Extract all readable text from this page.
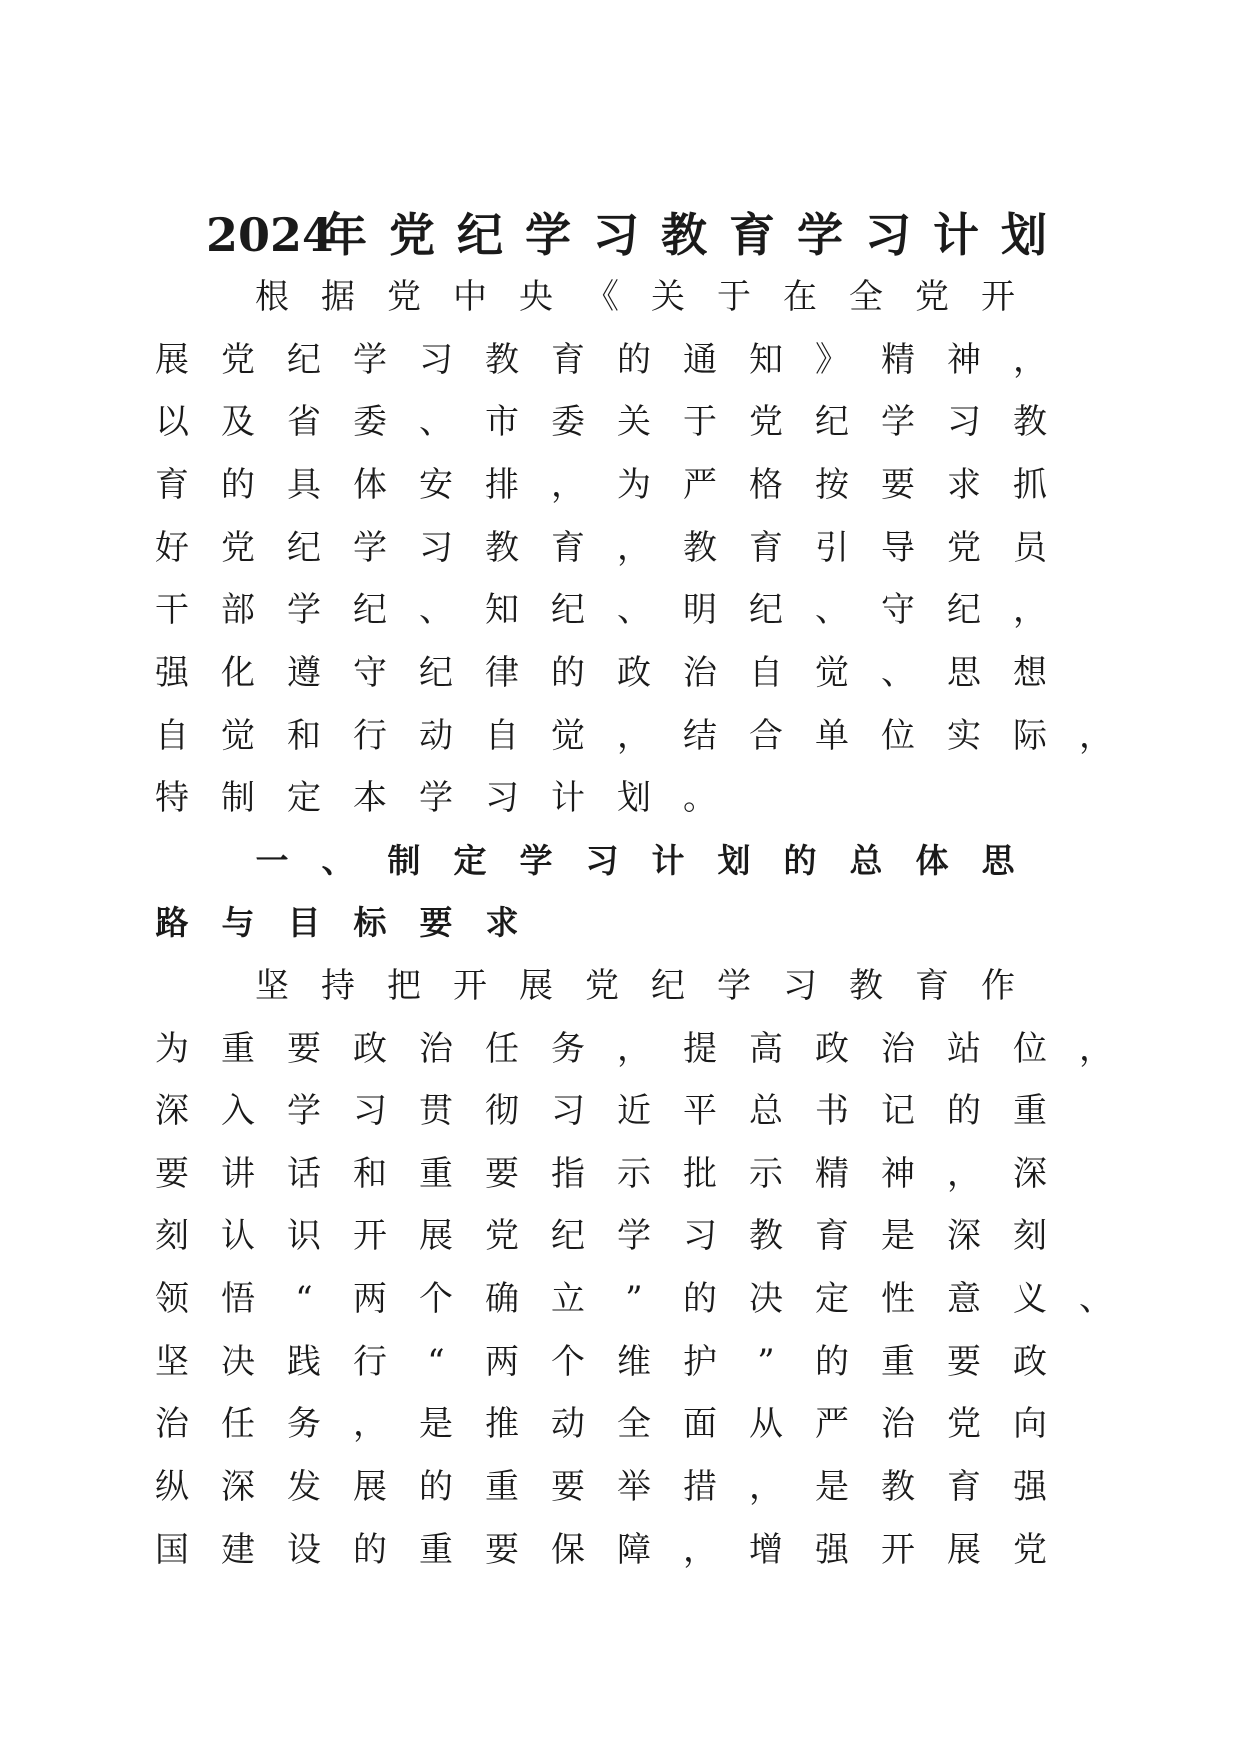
2024
年 党 纪 学 习 教 育 学 习 计 划
根 据 党 中 央 《 关 于 在 全 党 开
展 党 纪 学 习 教 育 的 通 知 》 精 神 ，
以 及 省 委 、 市 委 关 于 党 纪 学 习 教
育 的 具 体 安 排 ， 为 严 格 按 要 求 抓
好 党 纪 学 习 教 育 ， 教 育 引 导 党 员
干 部 学 纪 、 知 纪 、 明 纪 、 守 纪 ，
强 化 遵 守 纪 律 的 政 治 自 觉 、 思 想
自 觉 和 行 动 自 觉 ， 结 合 单 位 实 际 ，
特 制 定 本 学 习 计 划 。
一 、 制 定 学 习 计 划 的 总 体 思
路 与 目 标 要 求
坚 持 把 开 展 党 纪 学 习 教 育 作
为 重 要 政 治 任 务 ， 提 高 政 治 站 位 ，
深 入 学 习 贯 彻 习 近 平 总 书 记 的 重
要 讲 话 和 重 要 指 示 批 示 精 神 ， 深
刻 认 识 开 展 党 纪 学 习 教 育 是 深 刻
领 悟	“	两 个 确 立	”	的 决 定 性 意 义 、
坚 决 践 行	“	两 个 维 护	”	的 重 要 政
治 任 务 ， 是 推 动 全 面 从 严 治 党 向
纵 深 发 展 的 重 要 举 措 ， 是 教 育 强
国 建 设 的 重 要 保 障 ， 增 强 开 展 党
